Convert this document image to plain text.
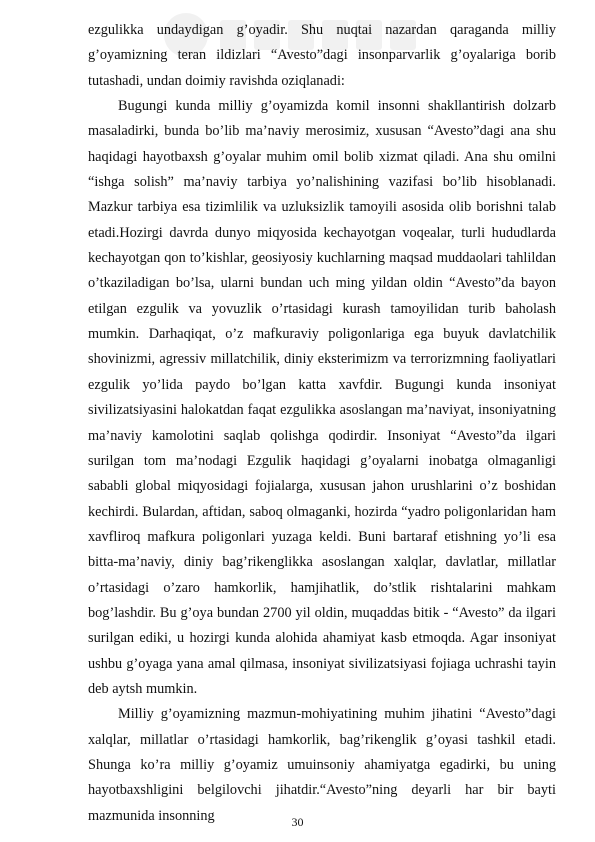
ezgulikka undaydigan g’oyadir. Shu nuqtai nazardan qaraganda milliy g’oyamizning teran ildizlari “Avesto”dagi insonparvarlik g’oyalariga borib tutashadi, undan doimiy ravishda oziqlanadi:

Bugungi kunda milliy g’oyamizda komil insonni shakllantirish dolzarb masaladirki, bunda bo’lib ma’naviy merosimiz, xususan “Avesto”dagi ana shu haqidagi hayotbaxsh g’oyalar muhim omil bolib xizmat qiladi. Ana shu omilni “ishga solish” ma’naviy tarbiya yo’nalishining vazifasi bo’lib hisoblanadi. Mazkur tarbiya esa tizimlilik va uzluksizlik tamoyili asosida olib borishni talab etadi.Hozirgi davrda dunyo miqyosida kechayotgan voqealar, turli hududlarda kechayotgan qon to’kishlar, geosiyosiy kuchlarning maqsad muddaolari tahlildan o’tkaziladigan bo’lsa, ularni bundan uch ming yildan oldin “Avesto”da bayon etilgan ezgulik va yovuzlik o’rtasidagi kurash tamoyilidan turib baholash mumkin. Darhaqiqat, o’z mafkuraviy poligonlariga ega buyuk davlatchilik shovinizmi, agressiv millatchilik, diniy eksterimizm va terrorizmning faoliyatlari ezgulik yo’lida paydo bo’lgan katta xavfdir. Bugungi kunda insoniyat sivilizatsiyasini halokatdan faqat ezgulikka asoslangan ma’naviyat, insoniyatning ma’naviy kamolotini saqlab qolishga qodirdir. Insoniyat “Avesto”da ilgari surilgan tom ma’nodagi Ezgulik haqidagi g’oyalarni inobatga olmaganligi sababli global miqyosidagi fojialarga, xususan jahon urushlarini o’z boshidan kechirdi. Bulardan, aftidan, saboq olmaganki, hozirda “yadro poligonlaridan ham xavfliroq mafkura poligonlari yuzaga keldi. Buni bartaraf etishning yo’li esa bitta-ma’naviy, diniy bag’rikenglikka asoslangan xalqlar, davlatlar, millatlar o’rtasidagi o’zaro hamkorlik, hamjihatlik, do’stlik rishtalarini mahkam bog’lashdir. Bu g’oya bundan 2700 yil oldin, muqaddas bitik - “Avesto” da ilgari surilgan ediki, u hozirgi kunda alohida ahamiyat kasb etmoqda. Agar insoniyat ushbu g’oyaga yana amal qilmasa, insoniyat sivilizatsiyasi fojiaga uchrashi tayin deb aytsh mumkin.

Milliy g’oyamizning mazmun-mohiyatining muhim jihatini “Avesto”dagi xalqlar, millatlar o’rtasidagi hamkorlik, bag’rikenglik g’oyasi tashkil etadi. Shunga ko’ra milliy g’oyamiz umuinsoniy ahamiyatga egadirki, bu uning hayotbaxshligini belgilovchi jihatdir.“Avesto”ning deyarli har bir bayti mazmunida insonning	30
